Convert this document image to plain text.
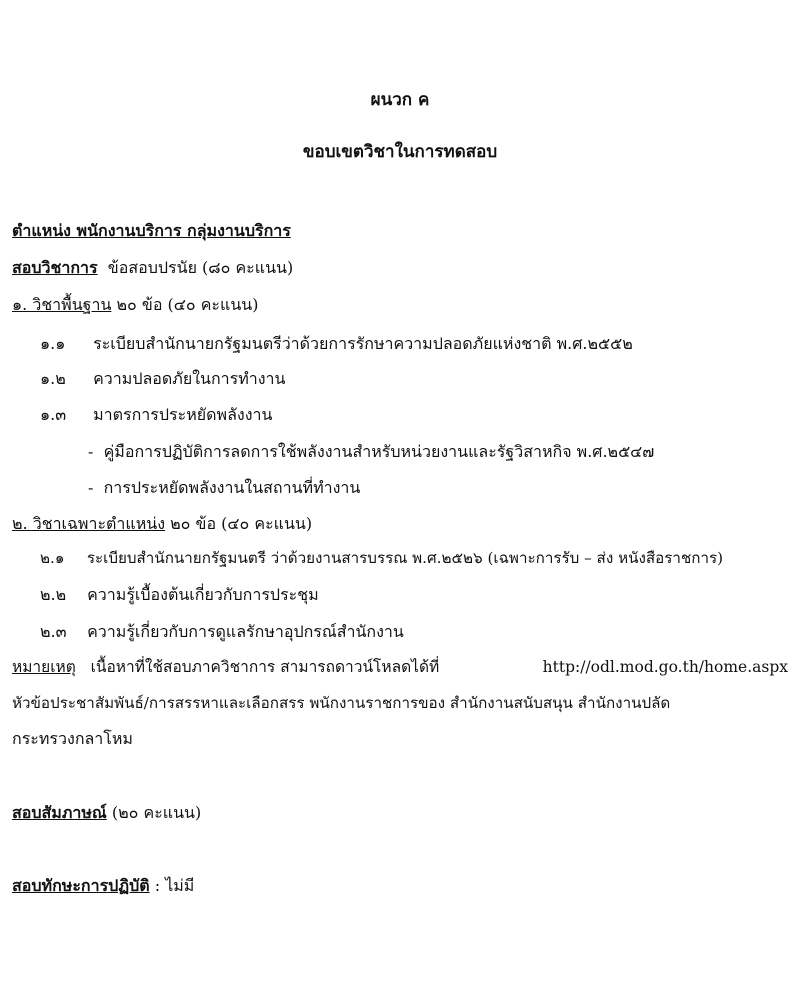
ผนวก ค
ขอบเขตวิชาในการทดสอบ
ตำแหน่ง พนักงานบริการ กลุ่มงานบริการ
สอบวิชาการ ข้อสอบปรนัย (๘๐ คะแนน)
๑. วิชาพื้นฐาน ๒๐ ข้อ (๔๐ คะแนน)
๑.๑ ระเบียบสำนักนายกรัฐมนตรีว่าด้วยการรักษาความปลอดภัยแห่งชาติ พ.ศ.๒๕๕๒
๑.๒ ความปลอดภัยในการทำงาน
๑.๓ มาตรการประหยัดพลังงาน
-  คู่มือการปฏิบัติการลดการใช้พลังงานสำหรับหน่วยงานและรัฐวิสาหกิจ พ.ศ.๒๕๔๗
-  การประหยัดพลังงานในสถานที่ทำงาน
๒. วิชาเฉพาะตำแหน่ง ๒๐ ข้อ (๔๐ คะแนน)
๒.๑ ระเบียบสำนักนายกรัฐมนตรี ว่าด้วยงานสารบรรณ พ.ศ.๒๕๒๖ (เฉพาะการรับ – ส่ง หนังสือราชการ)
๒.๒ ความรู้เบื้องต้นเกี่ยวกับการประชุม
๒.๓ ความรู้เกี่ยวกับการดูแลรักษาอุปกรณ์สำนักงาน
หมายเหตุ เนื้อหาที่ใช้สอบภาควิชาการ สามารถดาวน์โหลดได้ที่	http://odl.mod.go.th/home.aspx
หัวข้อประชาสัมพันธ์/การสรรหาและเลือกสรร พนักงานราชการของ สำนักงานสนับสนุน สำนักงานปลัด
กระทรวงกลาโหม
สอบสัมภาษณ์ (๒๐ คะแนน)
สอบทักษะการปฏิบัติ : ไม่มี
